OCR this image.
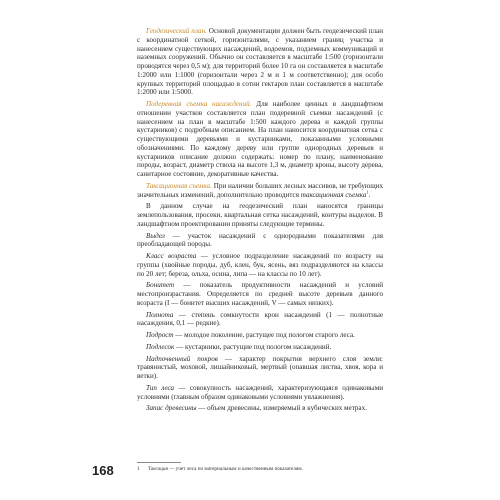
Геодезический план. Основой документации должен быть геодезический план с координатной сеткой, горизонталями, с указанием границ участка и нанесением существующих насаждений, водоемов, подземных коммуникаций и наземных сооружений. Обычно он составляется в масштабе 1:500 (горизонтали проводятся через 0,5 м); для территорий более 10 га он составляется в масштабе 1:2000 или 1:1000 (горизонтали через 2 м и 1 м соответственно); для особо крупных территорий площадью в сотни гектаров план составляется в масштабе 1:2000 или 1:5000.

Подеревная съемка насаждений. Для наиболее ценных в ландшафтном отношении участков составляется план подеревной съемки насаждений (с нанесением на план в масштабе 1:500 каждого дерева и каждой группы кустарников) с подробным описанием. На план наносится координатная сетка с существующими деревьями и кустарниками, показанными условными обозначениями. По каждому дереву или группе однородных деревьев и кустарников описание должно содержать: номер по плану, наименование породы, возраст, диаметр ствола на высоте 1,3 м, диаметр кроны, высоту дерева, санитарное состояние, декоративные качества.

Таксационная съемка. При наличии больших лесных массивов, не требующих значительных изменений, дополнительно проводится таксационная съемка$^1$.

В данном случае на геодезический план наносятся границы землепользования, просеки, квартальная сетка насаждений, контуры выделов. В ландшафтном проектировании приняты следующие термины.

Выдел — участок насаждений с однородными показателями для преобладающей породы.

Класс возраста — условное подразделение насаждений по возрасту на группы (хвойные породы, дуб, клен, бук, ясень, вяз подразделяются на классы по 20 лет; береза, ольха, осина, липа — на классы по 10 лет).

Бонитет — показатель продуктивности насаждений и условий местопроизрастания. Определяется по средней высоте деревьев данного возраста (I — бонитет высших насаждений, V — самых низких).

Полнота — степень сомкнутости крон насаждений (1 — полнотные насаждения, 0,1 — редкие).

Подрост — молодое поколение, растущее под пологом старого леса.

Подлесок — кустарники, растущие под пологом насаждений.

Надпочвенный покров — характер покрытия верхнего слоя земли: травянистый, моховой, лишайниковый, мертвый (опавшая листва, хвоя, кора и ветки).

Тип леса — совокупность насаждений, характеризующаяся одинаковыми условиями (главным образом одинаковыми условиями увлажнения).

Запас древесины — объем древесины, измеряемый в кубических метрах.

168	1 Таксация — учет леса по материальным и качественным показателям.
